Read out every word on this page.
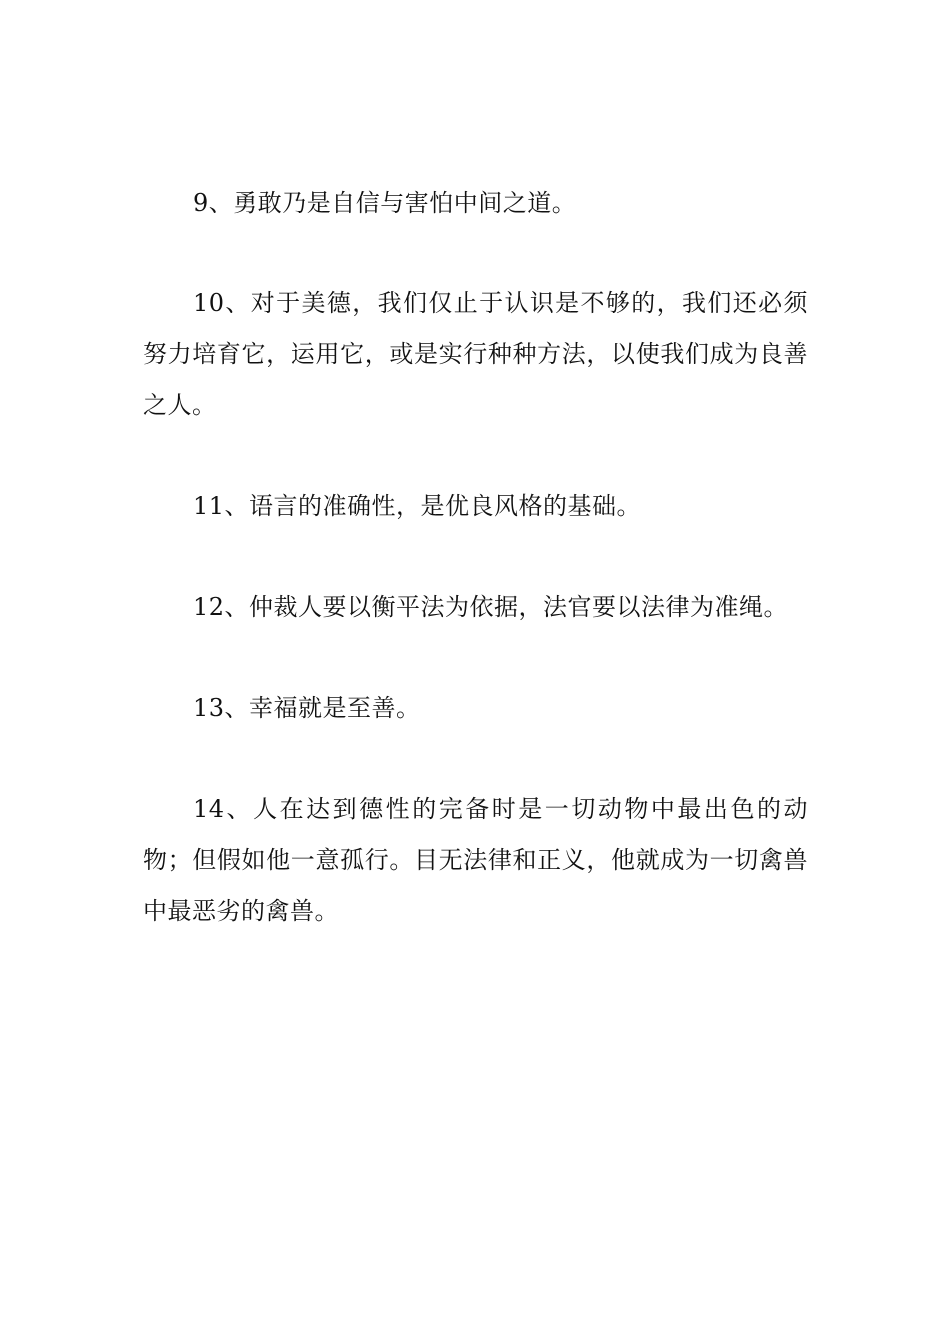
9、勇敢乃是自信与害怕中间之道。

10、对于美德，我们仅止于认识是不够的，我们还必须努力培育它，运用它，或是实行种种方法，以使我们成为良善之人。

11、语言的准确性，是优良风格的基础。

12、仲裁人要以衡平法为依据，法官要以法律为准绳。

13、幸福就是至善。

14、人在达到德性的完备时是一切动物中最出色的动物；但假如他一意孤行。目无法律和正义，他就成为一切禽兽中最恶劣的禽兽。
